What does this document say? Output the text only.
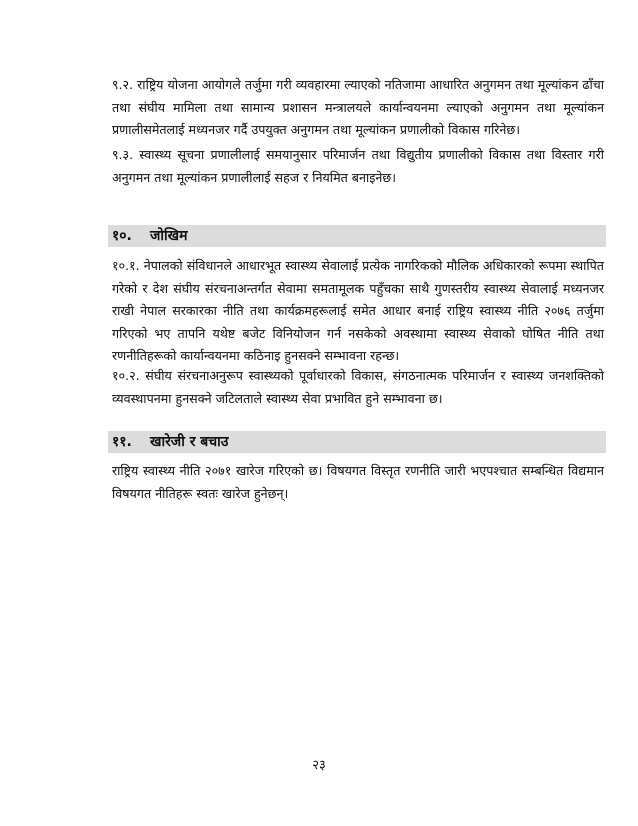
९.२. राष्ट्रिय योजना आयोगले तर्जुमा गरी व्यवहारमा ल्याएको नतिजामा आधारित अनुगमन तथा मूल्यांकन ढाँचा तथा संघीय मामिला तथा सामान्य प्रशासन मन्त्रालयले कार्यान्वयनमा ल्याएको अनुगमन तथा मूल्यांकन प्रणालीसमेतलाई मध्यनजर गर्दै उपयुक्त अनुगमन तथा मूल्यांकन प्रणालीको विकास गरिनेछ।

९.३. स्वास्थ्य सूचना प्रणालीलाई समयानुसार परिमार्जन तथा विद्युतीय प्रणालीको विकास तथा विस्तार गरी अनुगमन तथा मूल्यांकन प्रणालीलाई सहज र नियमित बनाइनेछ।

१०. जोखिम

१०.१. नेपालको संविधानले आधारभूत स्वास्थ्य सेवालाई प्रत्येक नागरिकको मौलिक अधिकारको रूपमा स्थापित गरेको र देश संघीय संरचनाअन्तर्गत सेवामा समतामूलक पहुँचका साथै गुणस्तरीय स्वास्थ्य सेवालाई मध्यनजर राखी नेपाल सरकारका नीति तथा कार्यक्रमहरूलाई समेत आधार बनाई राष्ट्रिय स्वास्थ्य नीति २०७६ तर्जुमा गरिएको भए तापनि यथेष्ट बजेट विनियोजन गर्न नसकेको अवस्थामा स्वास्थ्य सेवाको घोषित नीति तथा रणनीतिहरूको कार्यान्वयनमा कठिनाइ हुनसक्ने सम्भावना रहन्छ।

१०.२. संघीय संरचनाअनुरूप स्वास्थ्यको पूर्वाधारको विकास, संगठनात्मक परिमार्जन र स्वास्थ्य जनशक्तिको व्यवस्थापनमा हुनसक्ने जटिलताले स्वास्थ्य सेवा प्रभावित हुने सम्भावना छ।

११. खारेजी र बचाउ

राष्ट्रिय स्वास्थ्य नीति २०७१ खारेज गरिएको छ। विषयगत विस्तृत रणनीति जारी भएपश्चात सम्बन्धित विद्यमान विषयगत नीतिहरू स्वतः खारेज हुनेछन्।

२३
